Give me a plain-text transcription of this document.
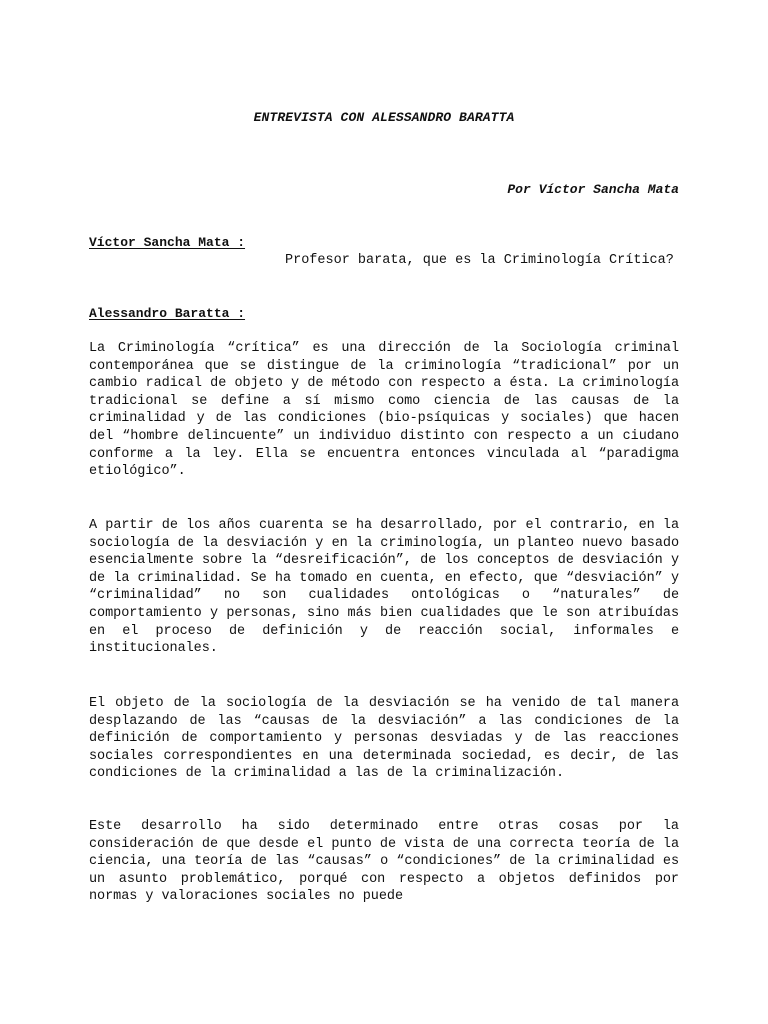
ENTREVISTA CON ALESSANDRO BARATTA
Por Víctor Sancha Mata
Víctor Sancha Mata :

Profesor barata, que es la Criminología Crítica?

Alessandro Baratta :

La Criminología “crítica” es una dirección de la Sociología criminal contemporánea que se distingue de la criminología “tradicional” por un cambio radical de objeto y de método con respecto a ésta. La criminología tradicional se define a sí mismo como ciencia de las causas de la criminalidad y de las condiciones (bio-psíquicas y sociales) que hacen del “hombre delincuente” un individuo distinto con respecto a un ciudano conforme a la ley. Ella se encuentra entonces vinculada al “paradigma etiológico”.

A partir de los años cuarenta se ha desarrollado, por el contrario, en la sociología de la desviación y en la criminología, un planteo nuevo basado esencialmente sobre la “desreificación”, de los conceptos de desviación y de la criminalidad. Se ha tomado en cuenta, en efecto, que “desviación” y “criminalidad” no son cualidades ontológicas o “naturales” de comportamiento y personas, sino más bien cualidades que le son atribuídas en el proceso de definición y de reacción social, informales e institucionales.

El objeto de la sociología de la desviación se ha venido de tal manera desplazando de las “causas de la desviación” a las condiciones de la definición de comportamiento y personas desviadas y de las reacciones sociales correspondientes en una determinada sociedad, es decir, de las condiciones de la criminalidad a las de la criminalización.

Este desarrollo ha sido determinado entre otras cosas por la consideración de que desde el punto de vista de una correcta teoría de la ciencia, una teoría de las “causas” o “condiciones” de la criminalidad es un asunto problemático, porqué con respecto a objetos definidos por normas y valoraciones sociales no puede
